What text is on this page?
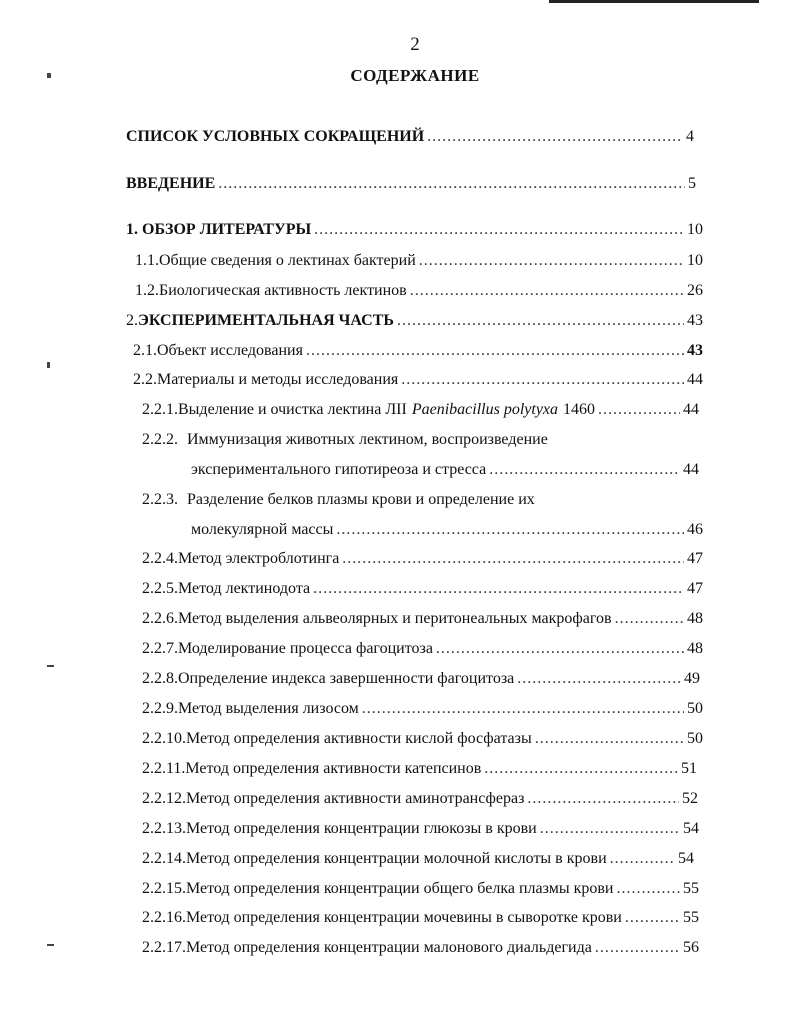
2
СОДЕРЖАНИЕ
СПИСОК УСЛОВНЫХ СОКРАЩЕНИЙ .....	4
ВВЕДЕНИЕ .....	5
1. ОБЗОР ЛИТЕРАТУРЫ .....	10
1.1. Общие сведения о лектинах бактерий .....	10
1.2. Биологическая активность лектинов .....	26
2. ЭКСПЕРИМЕНТАЛЬНАЯ ЧАСТЬ .....	43
2.1. Объект исследования .....	43
2.2. Материалы и методы исследования .....	44
2.2.1. Выделение и очистка лектина ЛII Paenibacillus polytyxa 1460 .....	44
2.2.2. Иммунизация животных лектином, воспроизведение
экспериментального гипотиреоза и стресса .....	44
2.2.3. Разделение белков плазмы крови и определение их
молекулярной массы .....	46
2.2.4. Метод электроблотинга .....	47
2.2.5. Метод лектинодота .....	47
2.2.6. Метод выделения альвеолярных и перитонеальных макрофагов .....	48
2.2.7. Моделирование процесса фагоцитоза .....	48
2.2.8. Определение индекса завершенности фагоцитоза .....	49
2.2.9. Метод выделения лизосом .....	50
2.2.10. Метод определения активности кислой фосфатазы .....	50
2.2.11. Метод определения активности катепсинов .....	51
2.2.12. Метод определения активности аминотрансфераз .....	52
2.2.13. Метод определения концентрации глюкозы в крови .....	54
2.2.14. Метод определения концентрации молочной кислоты в крови .....	54
2.2.15. Метод определения концентрации общего белка плазмы крови .....	55
2.2.16. Метод определения концентрации мочевины в сыворотке крови .....	55
2.2.17. Метод определения концентрации малонового диальдегида .....	56
